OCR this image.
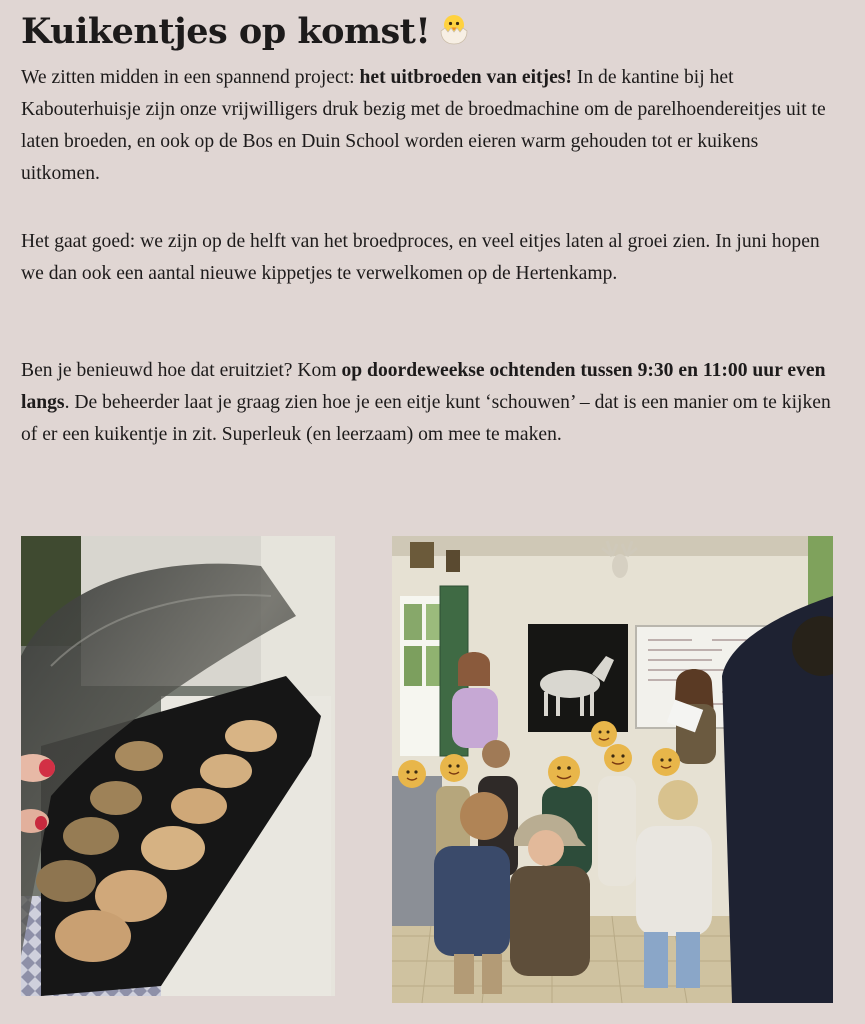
Kuikentjes op komst!

We zitten midden in een spannend project: het uitbroeden van eitjes! In de kantine bij het Kabouterhuisje zijn onze vrijwilligers druk bezig met de broedmachine om de parelhoendereitjes uit te laten broeden, en ook op de Bos en Duin School worden eieren warm gehouden tot er kuikens uitkomen.

Het gaat goed: we zijn op de helft van het broedproces, en veel eitjes laten al groei zien. In juni hopen we dan ook een aantal nieuwe kippetjes te verwelkomen op de Hertenkamp.

Ben je benieuwd hoe dat eruitziet? Kom op doordeweekse ochtenden tussen 9:30 en 11:00 uur even langs. De beheerder laat je graag zien hoe je een eitje kunt ‘schouwen’ – dat is een manier om te kijken of er een kuikentje in zit. Superleuk (en leerzaam) om mee te maken.
